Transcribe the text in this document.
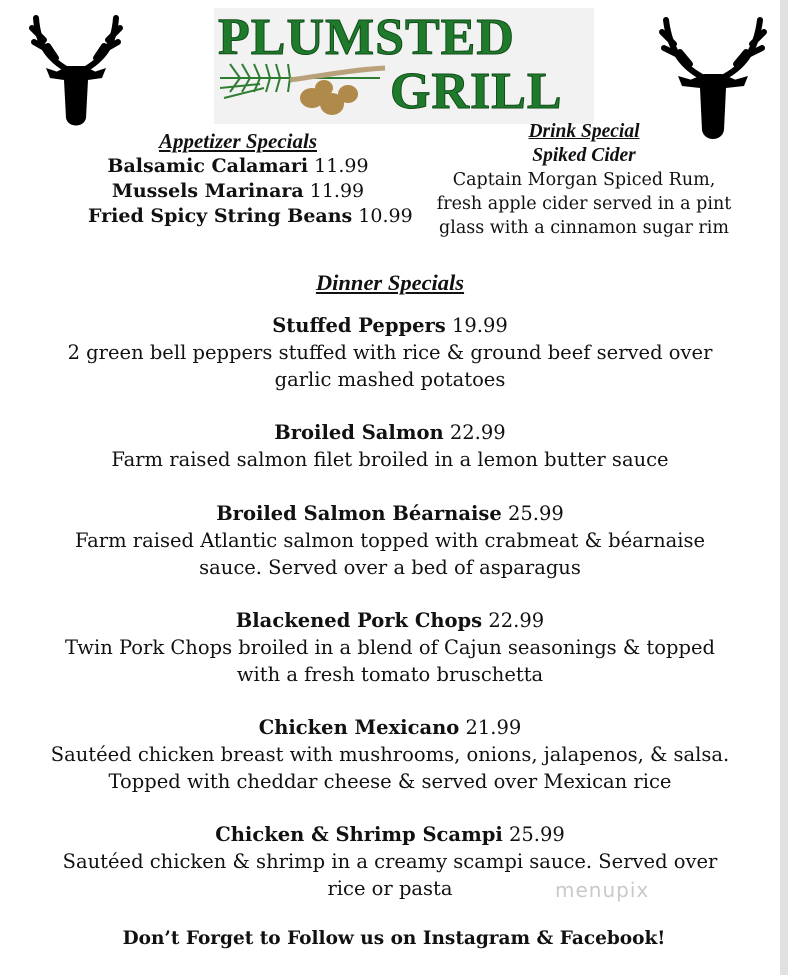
PLUMSTED
GRILL
Appetizer Specials
Balsamic Calamari 11.99
Mussels Marinara 11.99
Fried Spicy String Beans 10.99
Drink Special
Spiked Cider
Captain Morgan Spiced Rum,
fresh apple cider served in a pint
glass with a cinnamon sugar rim
Dinner Specials
Stuffed Peppers 19.99
2 green bell peppers stuffed with rice & ground beef served over
garlic mashed potatoes
Broiled Salmon 22.99
Farm raised salmon filet broiled in a lemon butter sauce
Broiled Salmon Béarnaise 25.99
Farm raised Atlantic salmon topped with crabmeat & béarnaise
sauce. Served over a bed of asparagus
Blackened Pork Chops 22.99
Twin Pork Chops broiled in a blend of Cajun seasonings & topped
with a fresh tomato bruschetta
Chicken Mexicano 21.99
Sautéed chicken breast with mushrooms, onions, jalapenos, & salsa.
Topped with cheddar cheese & served over Mexican rice
Chicken & Shrimp Scampi 25.99
Sautéed chicken & shrimp in a creamy scampi sauce. Served over
rice or pasta	menupix
Don’t Forget to Follow us on Instagram & Facebook!
